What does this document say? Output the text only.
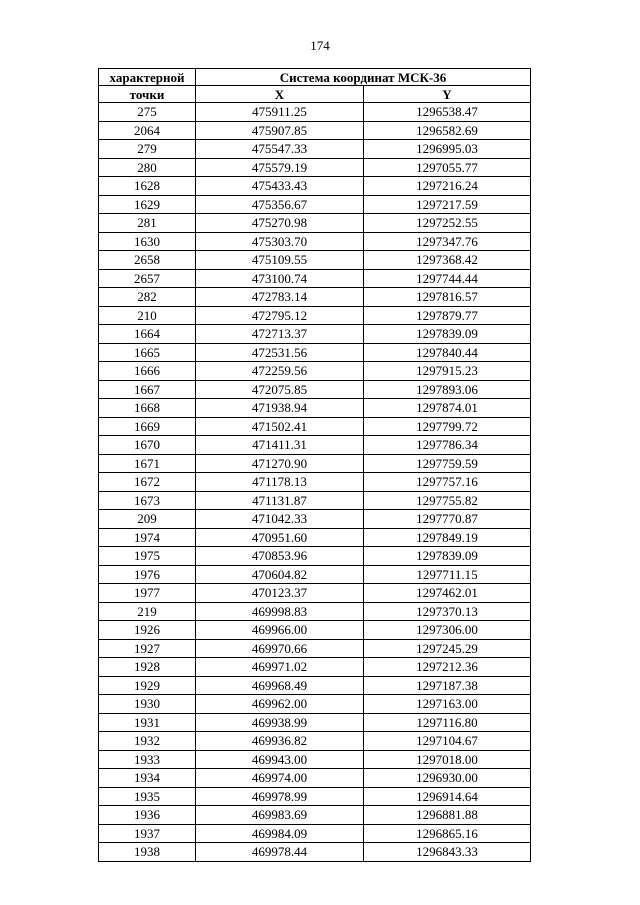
174
характерной	Система координат МСК-36	
точки	X	Y
275	475911.25	1296538.47
2064	475907.85	1296582.69
279	475547.33	1296995.03
280	475579.19	1297055.77
1628	475433.43	1297216.24
1629	475356.67	1297217.59
281	475270.98	1297252.55
1630	475303.70	1297347.76
2658	475109.55	1297368.42
2657	473100.74	1297744.44
282	472783.14	1297816.57
210	472795.12	1297879.77
1664	472713.37	1297839.09
1665	472531.56	1297840.44
1666	472259.56	1297915.23
1667	472075.85	1297893.06
1668	471938.94	1297874.01
1669	471502.41	1297799.72
1670	471411.31	1297786.34
1671	471270.90	1297759.59
1672	471178.13	1297757.16
1673	471131.87	1297755.82
209	471042.33	1297770.87
1974	470951.60	1297849.19
1975	470853.96	1297839.09
1976	470604.82	1297711.15
1977	470123.37	1297462.01
219	469998.83	1297370.13
1926	469966.00	1297306.00
1927	469970.66	1297245.29
1928	469971.02	1297212.36
1929	469968.49	1297187.38
1930	469962.00	1297163.00
1931	469938.99	1297116.80
1932	469936.82	1297104.67
1933	469943.00	1297018.00
1934	469974.00	1296930.00
1935	469978.99	1296914.64
1936	469983.69	1296881.88
1937	469984.09	1296865.16
1938	469978.44	1296843.33
